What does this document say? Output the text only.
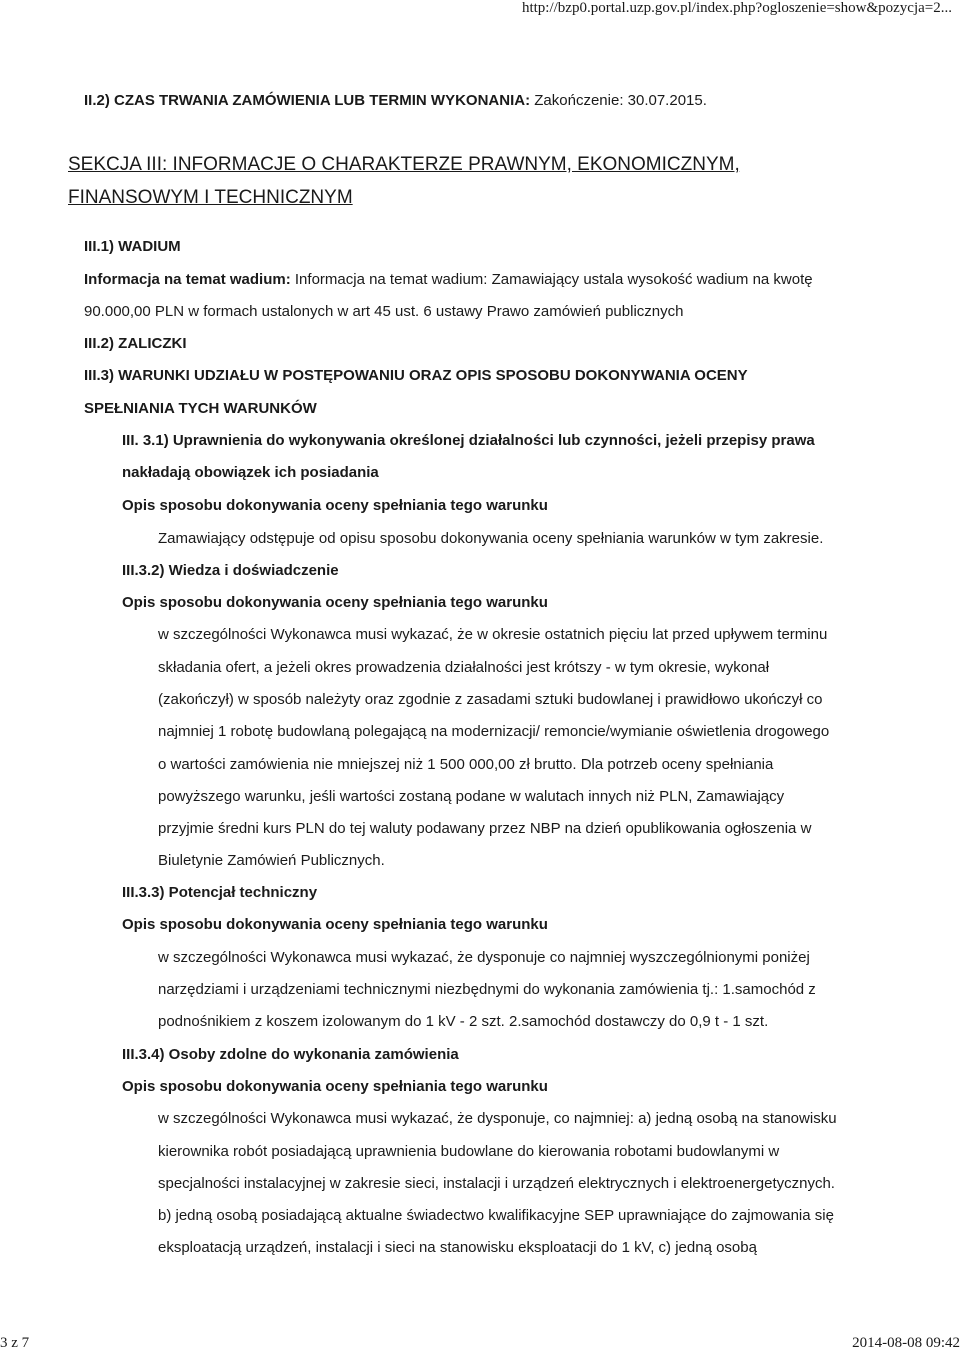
http://bzp0.portal.uzp.gov.pl/index.php?ogloszenie=show&pozycja=2...
II.2) CZAS TRWANIA ZAMÓWIENIA LUB TERMIN WYKONANIA: Zakończenie: 30.07.2015.
SEKCJA III: INFORMACJE O CHARAKTERZE PRAWNYM, EKONOMICZNYM,
FINANSOWYM I TECHNICZNYM
III.1) WADIUM
Informacja na temat wadium: Informacja na temat wadium: Zamawiający ustala wysokość wadium na kwotę
90.000,00 PLN w formach ustalonych w art 45 ust. 6 ustawy Prawo zamówień publicznych
III.2) ZALICZKI
III.3) WARUNKI UDZIAŁU W POSTĘPOWANIU ORAZ OPIS SPOSOBU DOKONYWANIA OCENY
SPEŁNIANIA TYCH WARUNKÓW
III. 3.1) Uprawnienia do wykonywania określonej działalności lub czynności, jeżeli przepisy prawa
nakładają obowiązek ich posiadania
Opis sposobu dokonywania oceny spełniania tego warunku
Zamawiający odstępuje od opisu sposobu dokonywania oceny spełniania warunków w tym zakresie.
III.3.2) Wiedza i doświadczenie
Opis sposobu dokonywania oceny spełniania tego warunku
w szczególności Wykonawca musi wykazać, że w okresie ostatnich pięciu lat przed upływem terminu
składania ofert, a jeżeli okres prowadzenia działalności jest krótszy - w tym okresie, wykonał
(zakończył) w sposób należyty oraz zgodnie z zasadami sztuki budowlanej i prawidłowo ukończył co
najmniej 1 robotę budowlaną polegającą na modernizacji/ remoncie/wymianie oświetlenia drogowego
o wartości zamówienia nie mniejszej niż 1 500 000,00 zł brutto. Dla potrzeb oceny spełniania
powyższego warunku, jeśli wartości zostaną podane w walutach innych niż PLN, Zamawiający
przyjmie średni kurs PLN do tej waluty podawany przez NBP na dzień opublikowania ogłoszenia w
Biuletynie Zamówień Publicznych.
III.3.3) Potencjał techniczny
Opis sposobu dokonywania oceny spełniania tego warunku
w szczególności Wykonawca musi wykazać, że dysponuje co najmniej wyszczególnionymi poniżej
narzędziami i urządzeniami technicznymi niezbędnymi do wykonania zamówienia tj.: 1.samochód z
podnośnikiem z koszem izolowanym do 1 kV - 2 szt. 2.samochód dostawczy do 0,9 t - 1 szt.
III.3.4) Osoby zdolne do wykonania zamówienia
Opis sposobu dokonywania oceny spełniania tego warunku
w szczególności Wykonawca musi wykazać, że dysponuje, co najmniej: a) jedną osobą na stanowisku
kierownika robót posiadającą uprawnienia budowlane do kierowania robotami budowlanymi w
specjalności instalacyjnej w zakresie sieci, instalacji i urządzeń elektrycznych i elektroenergetycznych.
b) jedną osobą posiadającą aktualne świadectwo kwalifikacyjne SEP uprawniające do zajmowania się
eksploatacją urządzeń, instalacji i sieci na stanowisku eksploatacji do 1 kV, c) jedną osobą
3 z 7	2014-08-08 09:42
